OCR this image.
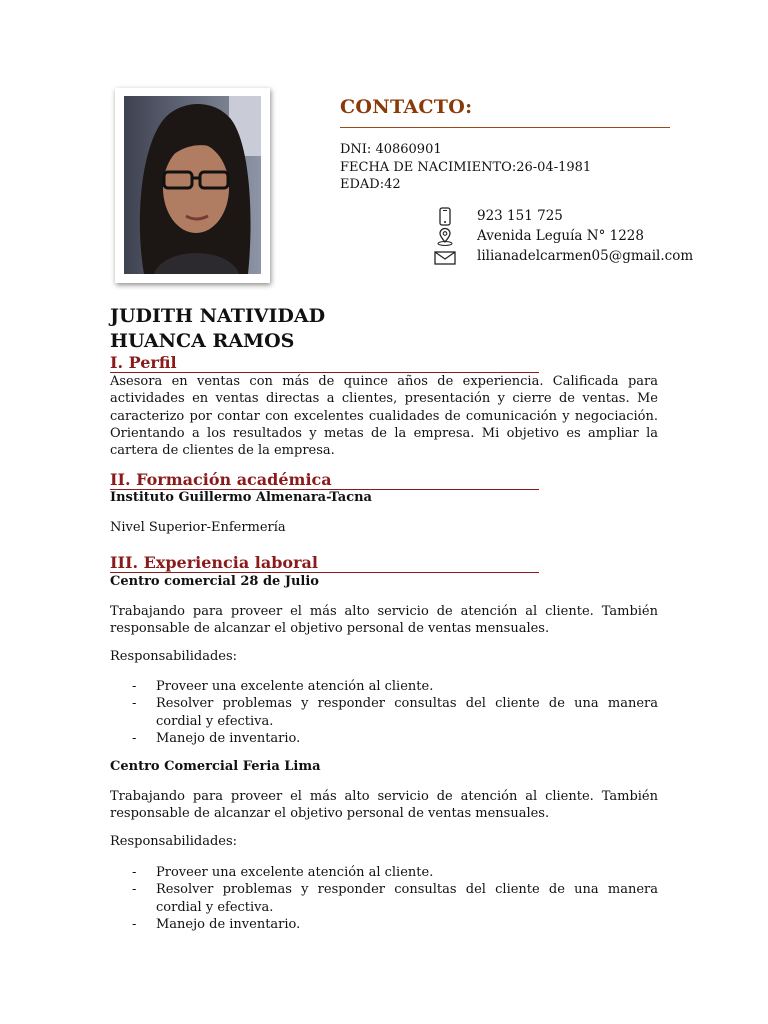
CONTACTO:

DNI: 40860901

FECHA DE NACIMIENTO:26-04-1981

EDAD:42

923 151 725
Avenida Leguía N° 1228
lilianadelcarmen05@gmail.com
JUDITH NATIVIDAD
HUANCA RAMOS
I. Perfil

Asesora en ventas con más de quince años de experiencia. Calificada para actividades en ventas directas a clientes, presentación y cierre de ventas. Me caracterizo por contar con excelentes cualidades de comunicación y negociación. Orientando a los resultados y metas de la empresa. Mi objetivo es ampliar la cartera de clientes de la empresa.

II. Formación académica

Instituto Guillermo Almenara-Tacna

Nivel Superior-Enfermería

III. Experiencia laboral

Centro comercial 28 de Julio

Trabajando para proveer el más alto servicio de atención al cliente. También responsable de alcanzar el objetivo personal de ventas mensuales.

Responsabilidades:

- Proveer una excelente atención al cliente.
- Resolver problemas y responder consultas del cliente de una manera cordial y efectiva.
- Manejo de inventario.

Centro Comercial Feria Lima

Trabajando para proveer el más alto servicio de atención al cliente. También responsable de alcanzar el objetivo personal de ventas mensuales.

Responsabilidades:

- Proveer una excelente atención al cliente.
- Resolver problemas y responder consultas del cliente de una manera cordial y efectiva.
- Manejo de inventario.
